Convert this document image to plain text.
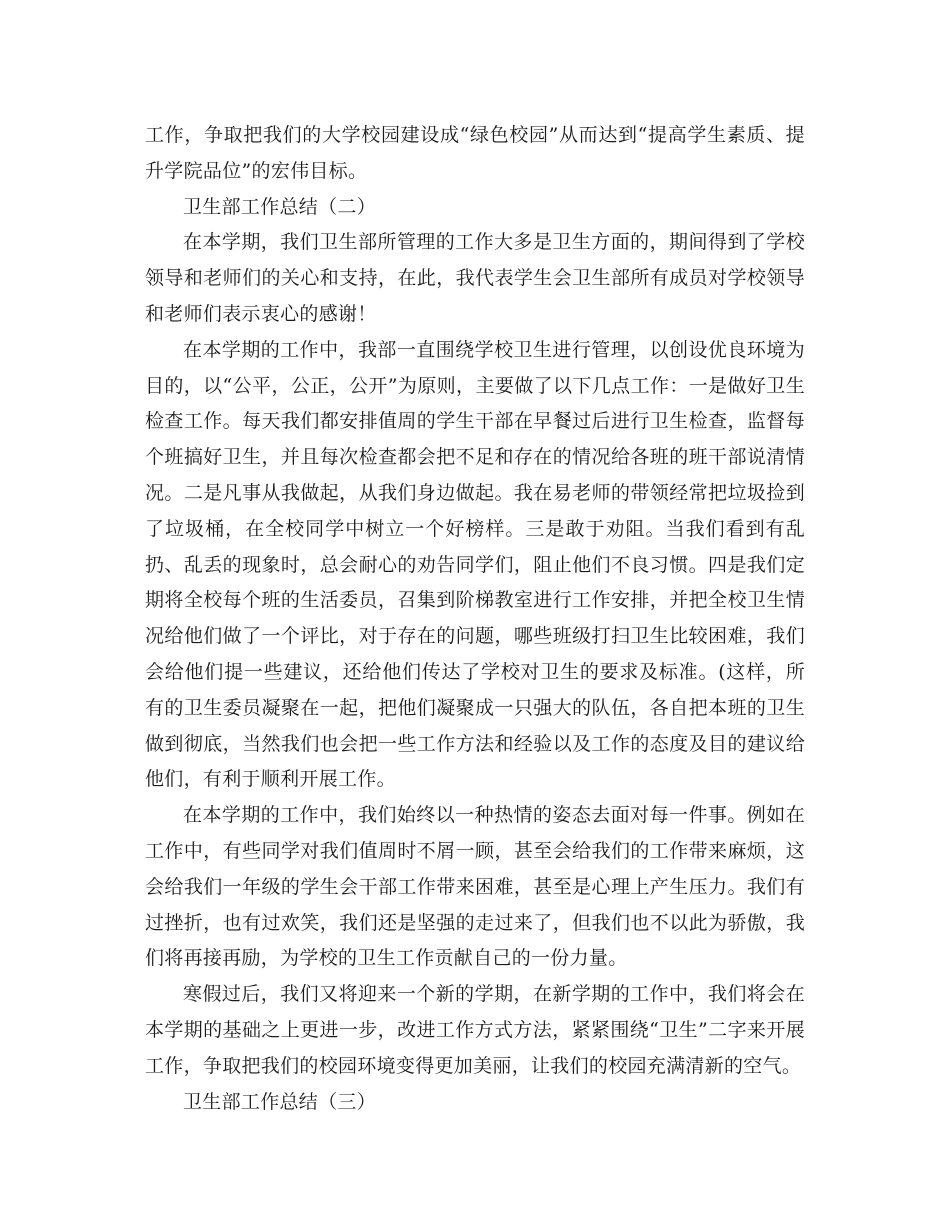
工作，争取把我们的大学校园建设成“绿色校园”从而达到“提高学生素质、提升学院品位”的宏伟目标。

卫生部工作总结（二）

在本学期，我们卫生部所管理的工作大多是卫生方面的，期间得到了学校领导和老师们的关心和支持，在此，我代表学生会卫生部所有成员对学校领导和老师们表示衷心的感谢！

在本学期的工作中，我部一直围绕学校卫生进行管理，以创设优良环境为目的，以“公平，公正，公开”为原则，主要做了以下几点工作：一是做好卫生检查工作。每天我们都安排值周的学生干部在早餐过后进行卫生检查，监督每个班搞好卫生，并且每次检查都会把不足和存在的情况给各班的班干部说清情况。二是凡事从我做起，从我们身边做起。我在易老师的带领经常把垃圾捡到了垃圾桶，在全校同学中树立一个好榜样。三是敢于劝阻。当我们看到有乱扔、乱丢的现象时，总会耐心的劝告同学们，阻止他们不良习惯。四是我们定期将全校每个班的生活委员，召集到阶梯教室进行工作安排，并把全校卫生情况给他们做了一个评比，对于存在的问题，哪些班级打扫卫生比较困难，我们会给他们提一些建议，还给他们传达了学校对卫生的要求及标准。(这样，所有的卫生委员凝聚在一起，把他们凝聚成一只强大的队伍，各自把本班的卫生做到彻底，当然我们也会把一些工作方法和经验以及工作的态度及目的建议给他们，有利于顺利开展工作。

在本学期的工作中，我们始终以一种热情的姿态去面对每一件事。例如在工作中，有些同学对我们值周时不屑一顾，甚至会给我们的工作带来麻烦，这会给我们一年级的学生会干部工作带来困难，甚至是心理上产生压力。我们有过挫折，也有过欢笑，我们还是坚强的走过来了，但我们也不以此为骄傲，我们将再接再励，为学校的卫生工作贡献自己的一份力量。

寒假过后，我们又将迎来一个新的学期，在新学期的工作中，我们将会在本学期的基础之上更进一步，改进工作方式方法，紧紧围绕“卫生”二字来开展工作，争取把我们的校园环境变得更加美丽，让我们的校园充满清新的空气。

卫生部工作总结（三）
